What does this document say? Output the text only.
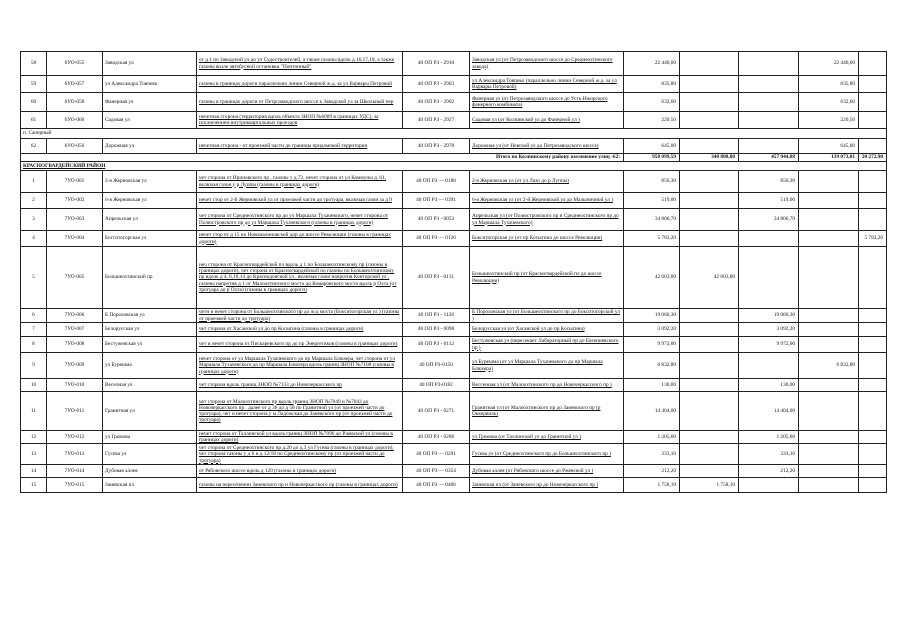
58	6УО-055	Заводская ул	от д 1 по Заводской ул до ул Судостроителей, а также газоны вдоль д.16,17,18, а также газоны возле автобусной остановки "Понтонный"	40 ОП РЗ - 2910	Заводская ул (от Петрозаводского шоссе до Среднеохтинского завода)	22 446,00			22 446,00	
59	6УО-057	ул Александра Товпеко	газоны в границах дороги параллельно линии Северной ж.д. за ул Варвары Петровой	40 ОП РЗ - 2903	ул Александра Товпеко (параллельно линии Северной ж.д. за ул Варвары Петровой)	835,80			835,80	
60	6УО-058	Фанерная ул	газоны в границах дороги от Петрозаводского шоссе к Заводской ул за Школьный пер	40 ОП РЗ - 2902	Фанерная ул (от Петрозаводского шоссе до Усть-Ижорского фанерного комбината)	632,60			632,60	
61	6УО-060	Садовая ул	нечетная сторона (территория вдоль объекта ЗНОП №6009 в границах УДС), за исключением внутриквартальных проездов	40 ОП РЗ - 2927	Садовая ул (от Колпинской ул до Фанерной ул )	220,50			220,50	
п. Саперный										
62	6УО-056	Дорожная ул	нечетная сторона - от проезжей части до границы придомовой территории	40 ОП РЗ - 2978	Дорожная ул (от Невской ул до Петрозаводского шоссе)	645,00			645,00	
Итого по Колпинскому району озеленение улиц -62:						958 099,59	340 808,80	457 944,88	139 073,01	20 272,90
КРАСНОГВАРДЕЙСКИЙ РАЙОН										
1	7УО-001	2-я Жерновская ул	чет сторона от Ириновского пр , газоны у д.72, нечет сторона от ул Коммуны д. 61, включая газон у р Луппы (газоны в границах дороги)	40 ОП РЗ — 0188	2-я Жерновская ул (от ул Лазо до р Луппы)	856,30		856,30		
2	7УО-002	6-я Жерновская ул	нечет стор от 2-й Жерновской ул от проезжей части до тротуара, включая газон за д 9	40 ОП РЗ — 0391	6-я Жерновская ул (от 2-й Жерновской ул до Малыничной ул )	519,00		519,00		
3	7УО-003	Апрельская ул	чет сторона от Среднеохтинского пр до ул Маршала Тухачевского, нечет сторона от Полюстровского пр до ул Маршала Тухачевского (газоны в границах дороги)	40 ОП РЗ - 0053	Апрельская ул (от Полюстровского пр и Среднеохтинского пр до ул Маршала Тухачевского)	34 806,70		34 806,70		
4	7УО-004	Богситогорская ул	нечет стор от д 15 по Новомалиновской дор до шоссе Революции (газоны в границах дороги)	40 ОП РЗ — 0126	Бокситогорская ул (от пр Косыгина до шоссе Революции)	5 783,20				5 783,20
5	7УО-005	Большеохтинский пр	нeч сторона от Красногвардейской пл вдоль д 1 по Большеохтинскому пр (газоны в границах дороги), чет сторона от Красногвардейской пл газоны по Большеохтинскому пр вдоль д 4, 6,10,14 до Краснодонской ул , включая газон напротив Конторской ул , газоны напротив д 1 от Малоохтинского моста до Комаровского моста вдоль р Охта (от тротуара до р Охта) (газоны в границах дороги)	40 ОП РЗ - 0131	Большеохтинский пр (от Красногвардейской пл до шоссе Революции)	42 603,00	42 603,00			
6	7УО-006	Б Пороховская ул	четн и нечет сторона от Большеохтинского пр до ж/д моста (Бокситогорская ул ) (газоны от проезжей части до тротуара)	40 ОП РЗ - 1126	Б Пороховская ул (от Большеохтинского пр до Бокситогорской ул )	19 060,30		19 060,30		
7	7УО-007	Белорусская ул	чет сторона от Хасанской ул до пр Косыгина (газоны в границах дороги)	40 ОП РЗ - 0098	Белорусская ул (от Хасанской ул до пр Косыгина)	3 092,20		3 092,20		
8	7УО-008	Бестужевская ул	чет и нечет сторона от Пискаревского пр до пр Энергетиков (газоны в границах дороги)	40 ОП РЗ - 0112	Бестужевская ул (пересекает Лабораторный пр до Евгениевского пр )	9 972,00		9 972,00		
9	7УО-009	ул Бурешма	нечет сторона от ул Маршала Тухачевского до пр Маршала Блюхера, чет сторона от ул Маршала Тухачевского до пр Маршала Блюхера вдоль границ ЗНОП №7108 (газоны в границах дороги)	40 ОП РЗ-0150	ул Бурешма (от ул Маршала Тухачевского до пр Маршала Блюхера)	6 832,80			6 832,80	
10	7УО-010	Веселная ул	чет сторона вдоль границ ЗНОП №7133 до Новочеркасского пр	40 ОП РЗ-0182	Вессенная ул (от Малоохтинского пр до Новочеркасского пр )	130,00		130,00		
11	7УО-011	Гранитная ул	чет сторона от Малоохтинского пр вдоль границ ЗНОП №7040 и №7042 до Новочеркасского пр , далее от д 36 до д 58 по Гранитной ул (от проезжей части до тротуара), чет и нечет сторона у м Ладожская до Заневского пр (от проезжей части до тротуара)	40 ОП РЗ - 0271	Гранитная ул (от Малоохтинского пр до Заневского пр (р Оккервиль)	14 404,00		14 404,00		
12	7УО-012	ул Громова	нечет сторона от Таллинской ул вдоль границ ЗНОП №7096 до Ржевской ул (газоны в границах дороги)	40 ОП РЗ - 0286	ул Громова (от Таллинской ул до Гранитной ул )	1 205,60		1 205,60		
13	7УО-013	Гусева ул	чет сторона от Среднеохтинского пр д.20 до д.3 ул Гусева (газоны в границах дороги), чет сторона газоны у д 6 и д 12/18 по Среднеохтинскому пр (от проезжей части до тротуара)	40 ОП РЗ — 0291	Гусева ул (от Среднеохтинского пр до Большеохтинского пр )	333,10		333,10		
14	7УО-014	Дубовая аллея	от Рябовского шоссе вдоль д 120 (газоны в границах дороги)	40 ОП РЗ — 0354	Дубовая аллея (от Рябовского шоссе до Ржевской ул )	212,20		212,20		
15	7УО-015	Заневская пл	газоны на пересечении Заневского пр и Новочеркасского пр (газоны в границах дороги)	40 ОП РЗ — 0406	Заневская пл (от Заневского пр до Новочеркасского пр )	1 758,10	1 758,10			
